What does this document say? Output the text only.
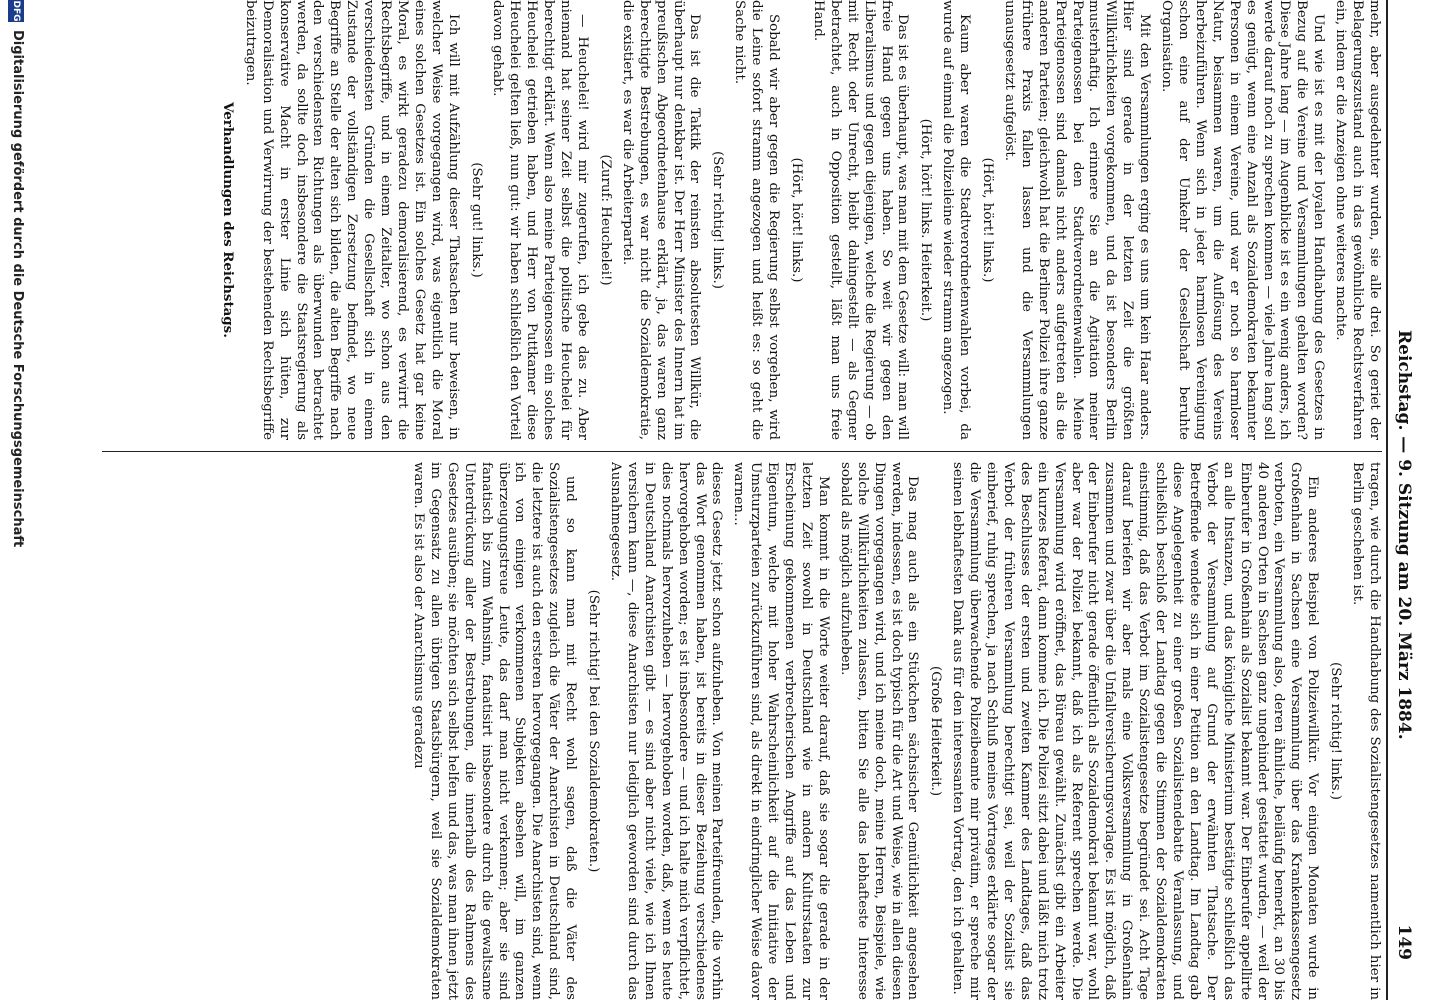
Reichstag. — 9. Sitzung am 20. März 1884.
149

mehr, aber ausgedehnter wurden, sie alle drei. So geriet der Belagerungszustand auch in das gewöhnliche Rechtsverfahren ein, indem er die Anzeigen ohne weiteres machte.

Und wie ist es mit der loyalen Handhabung des Gesetzes in Bezug auf die Vereine und Versammlungen gehalten worden? Diese Jahre lang — im Augenblicke ist es ein wenig anders, ich werde darauf noch zu sprechen kommen — viele Jahre lang soll es genügt, wenn eine Anzahl als Sozialdemokraten bekannter Personen in einem Vereine, und war er noch so harmloser Natur, beisammen waren, um die Auflösung des Vereins herbeizuführen. Wenn sich in jeder harmlosen Vereinigung schon eine auf der Umkehr der Gesellschaft beruhte Organisation.

Mit den Versammlungen erging es uns um kein Haar anders. Hier sind gerade in der letzten Zeit die größten Willkürlichkeiten vorgekommen, und da ist besonders Berlin musterhaftig. Ich erinnere Sie an die Agitation meiner Parteigenossen bei den Stadtverordnetenwahlen. Meine Parteigenossen sind damals nicht anders aufgetreten als die anderen Parteien; gleichwohl hat die Berliner Polizei ihre ganze frühere Praxis fallen lassen und die Versammlungen unausgesetzt aufgelöst.

(Hört, hört! links.)

Kaum aber waren die Stadtverordnetenwahlen vorbei, da wurde auf einmal die Polizeileine wieder stramm angezogen.

(Hört, hört! links. Heiterkeit.)

Das ist es überhaupt, was man mit dem Gesetze will: man will freie Hand gegen uns haben. So weit wir gegen den Liberalismus und gegen diejenigen, welche die Regierung — ob mit Recht oder Unrecht, bleibt dahingestellt — als Gegner betrachtet, auch in Opposition gestellt, läßt man uns freie Hand.

(Hört, hört! links.)

Sobald wir aber gegen die Regierung selbst vorgehen, wird die Leine sofort stramm angezogen und heißt es: so geht die Sache nicht.

(Sehr richtig! links.)

Das ist die Taktik der reinsten absolutesten Willkür, die überhaupt nur denkbar ist. Der Herr Minister des Innern hat im preußischen Abgeordnetenhause erklärt, ja, das waren ganz berechtigte Bestrebungen, es war nicht die Sozialdemokratie, die existiert, es war die Arbeiterpartei.

(Zuruf: Heuchelei!)

— Heuchelei! wird mir zugerufen, ich gebe das zu. Aber niemand hat seiner Zeit selbst die politische Heuchelei für berechtigt erklärt. Wenn also meine Parteigenossen ein solches Heuchelei getrieben haben, und Herr von Puttkamer diese Heuchelei gelten ließ, nun gut: wir haben schließlich den Vorteil davon gehabt.

(Sehr gut! links.)

Ich will mit Aufzählung dieser Thatsachen nur beweisen, in welcher Weise vorgegangen wird, was eigentlich die Moral eines solchen Gesetzes ist. Ein solches Gesetz hat gar keine Moral, es wirkt geradezu demoralisierend, es verwirrt die Rechtsbegriffe, und in einem Zeitalter, wo schon aus den verschiedensten Gründen die Gesellschaft sich in einem Zustande der vollständigen Zersetzung befindet, wo neue Begriffe an Stelle der alten sich bilden, die alten Begriffe nach den verschiedensten Richtungen als überwunden betrachtet werden, da sollte doch insbesondere die Staatsregierung als konservative Macht in erster Linie sich hüten, zur Demoralisation und Verwirrung der bestehenden Rechtsbegriffe beizutragen.

Verhandlungen des Reichstags.

tragen, wie durch die Handhabung des Sozialistengesetzes namentlich hier in Berlin geschehen ist.

(Sehr richtig! links.)

Ein anderes Beispiel von Polizeiwillkür. Vor einigen Monaten wurde in Großenhain in Sachsen eine Versammlung über das Krankenkassengesetz verboten, ein Versammlung also, deren ähnliche, beiläufig bemerkt, an 30 bis 40 anderen Orten in Sachsen ganz ungehindert gestattet wurden, — weil der Einberufer in Großenhain als Sozialist bekannt war. Der Einberufer appellirte an alle Instanzen, und das königliche Ministerium bestätigte schließlich das Verbot der Versammlung auf Grund der erwähnten Thatsache. Der Betreffende wendete sich in einer Petition an den Landtag. Im Landtag gab diese Angelegenheit zu einer großen Sozialistendebatte Veranlassung, und schließlich beschloß der Landtag gegen die Stimmen der Sozialdemokraten einstimmig, daß das Verbot im Sozialistengesetze begründet sei. Acht Tage darauf beriefen wir aber mals eine Volksversammlung in Großenhain zusammen und zwar über die Unfallversicherungsvorlage. Es ist möglich, daß der Einberufer nicht gerade öffentlich als Sozialdemokrat bekannt war, wohl aber war der Polizei bekannt, daß ich als Referent sprechen werde. Die Versammlung wird eröffnet, das Büreau gewählt. Zunächst gibt ein Arbeiter ein kurzes Referat, dann komme ich. Die Polizei sitzt dabei und läßt mich trotz des Beschlusses der ersten und zweiten Kammer des Landtages, daß das Verbot der früheren Versammlung berechtigt sei, weil der Sozialist sie einberief, ruhig sprechen, ja nach Schluß meines Vortrages erklärte sogar der die Versammlung überwachende Polizeibeamte mir privatim, er spreche mir seinen lebhaftesten Dank aus für den interessanten Vortrag, den ich gehalten.

(Große Heiterkeit.)

Das mag auch als ein Stückchen sächsischer Gemütlichkeit angesehen werden, indessen, es ist doch typisch für die Art und Weise, wie in allen diesen Dingen vorgegangen wird, und ich meine doch, meine Herren, Beispiele, wie solche Willkürlichkeiten zulassen, bitten Sie alle das lebhafteste Interesse sobald als möglich aufzuheben.

Man kommt in die Worte weiter darauf, daß sie sogar die gerade in der letzten Zeit sowohl in Deutschland wie in andern Kulturstaaten zur Erscheinung gekommenen verbrecherischen Angriffe auf das Leben und Eigentum, welche mit hoher Wahrscheinlichkeit auf die Initiative der Umsturzparteien zurückzuführen sind, als direkt in eindringlicher Weise davor warnen...

dieses Gesetz jetzt schon aufzuheben. Von meinen Parteifreunden, die vorhin das Wort genommen haben, ist bereits in dieser Beziehung verschiedenes hervorgehoben worden; es ist insbesondere — und ich halte mich verpflichtet, dies nochmals hervorzuheben — hervorgehoben worden, daß, wenn es heute in Deutschland Anarchisten gibt — es sind aber nicht viele, wie ich Ihnen versichern kann —, diese Anarchisten nur lediglich geworden sind durch das Ausnahmegesetz.

(Sehr richtig! bei den Sozialdemokraten.)

und so kann man mit Recht wohl sagen, daß die Väter des Sozialistengesetzes zugleich die Väter der Anarchisten in Deutschland sind, die letztere ist auch den ersteren hervorgegangen. Die Anarchisten sind, wenn ich von einigen verkommenen Subjekten absehen will, im ganzen überzeugungstreue Leute, das darf man nicht verkennen; aber sie sind fanatisch bis zum Wahnsinn, fanatisirt insbesondere durch die gewaltsame Unterdrückung aller der Bestrebungen, die innerhalb des Rahmens des Gesetzes ausüben; sie möchten sich selbst helfen und das, was man ihnen jetzt im Gegensatz zu allen übrigen Staatsbürgern, weil sie Sozialdemokraten waren. Es ist also der Anarchismus geradezu

DFG
Digitalisierung gefördert durch die Deutsche Forschungsgemeinschaft
